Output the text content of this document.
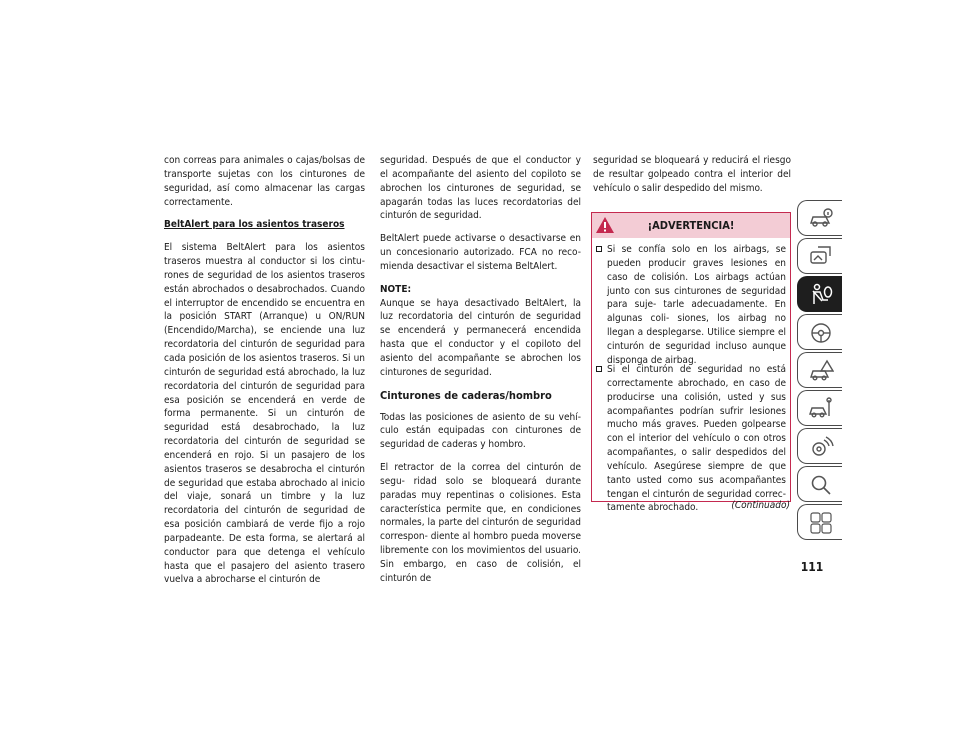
con correas para animales o cajas/bolsas de transporte sujetas con los cinturones de seguridad, así como almacenar las cargas correctamente.

BeltAlert para los asientos traseros

El sistema BeltAlert para los asientos traseros muestra al conductor si los cintu- rones de seguridad de los asientos traseros están abrochados o desabrochados. Cuando el interruptor de encendido se encuentra en la posición START (Arranque) u ON/RUN (Encendido/Marcha), se enciende una luz recordatoria del cinturón de seguridad para cada posición de los asientos traseros. Si un cinturón de seguridad está abrochado, la luz recordatoria del cinturón de seguridad para esa posición se encenderá en verde de forma permanente. Si un cinturón de seguridad está desabrochado, la luz recordatoria del cinturón de seguridad se encenderá en rojo. Si un pasajero de los asientos traseros se desabrocha el cinturón de seguridad que estaba abrochado al inicio del viaje, sonará un timbre y la luz recordatoria del cinturón de seguridad de esa posición cambiará de verde fijo a rojo parpadeante. De esta forma, se alertará al conductor para que detenga el vehículo hasta que el pasajero del asiento trasero vuelva a abrocharse el cinturón de

seguridad. Después de que el conductor y el acompañante del asiento del copiloto se abrochen los cinturones de seguridad, se apagarán todas las luces recordatorias del cinturón de seguridad.

BeltAlert puede activarse o desactivarse en un concesionario autorizado. FCA no reco- mienda desactivar el sistema BeltAlert.

NOTE:

Aunque se haya desactivado BeltAlert, la luz recordatoria del cinturón de seguridad se encenderá y permanecerá encendida hasta que el conductor y el copiloto del asiento del acompañante se abrochen los cinturones de seguridad.

Cinturones de caderas/hombro

Todas las posiciones de asiento de su vehí- culo están equipadas con cinturones de seguridad de caderas y hombro.

El retractor de la correa del cinturón de segu- ridad solo se bloqueará durante paradas muy repentinas o colisiones. Esta característica permite que, en condiciones normales, la parte del cinturón de seguridad correspon- diente al hombro pueda moverse libremente con los movimientos del usuario. Sin embargo, en caso de colisión, el cinturón de

seguridad se bloqueará y reducirá el riesgo de resultar golpeado contra el interior del vehículo o salir despedido del mismo.

¡ADVERTENCIA!
Si se confía solo en los airbags, se pueden producir graves lesiones en caso de colisión. Los airbags actúan junto con sus cinturones de seguridad para suje- tarle adecuadamente. En algunas coli- siones, los airbag no llegan a desplegarse. Utilice siempre el cinturón de seguridad incluso aunque disponga de airbag.
Si el cinturón de seguridad no está correctamente abrochado, en caso de producirse una colisión, usted y sus acompañantes podrían sufrir lesiones mucho más graves. Pueden golpearse con el interior del vehículo o con otros acompañantes, o salir despedidos del vehículo. Asegúrese siempre de que tanto usted como sus acompañantes tengan el cinturón de seguridad correc- tamente abrochado.	(Continuado)
111
